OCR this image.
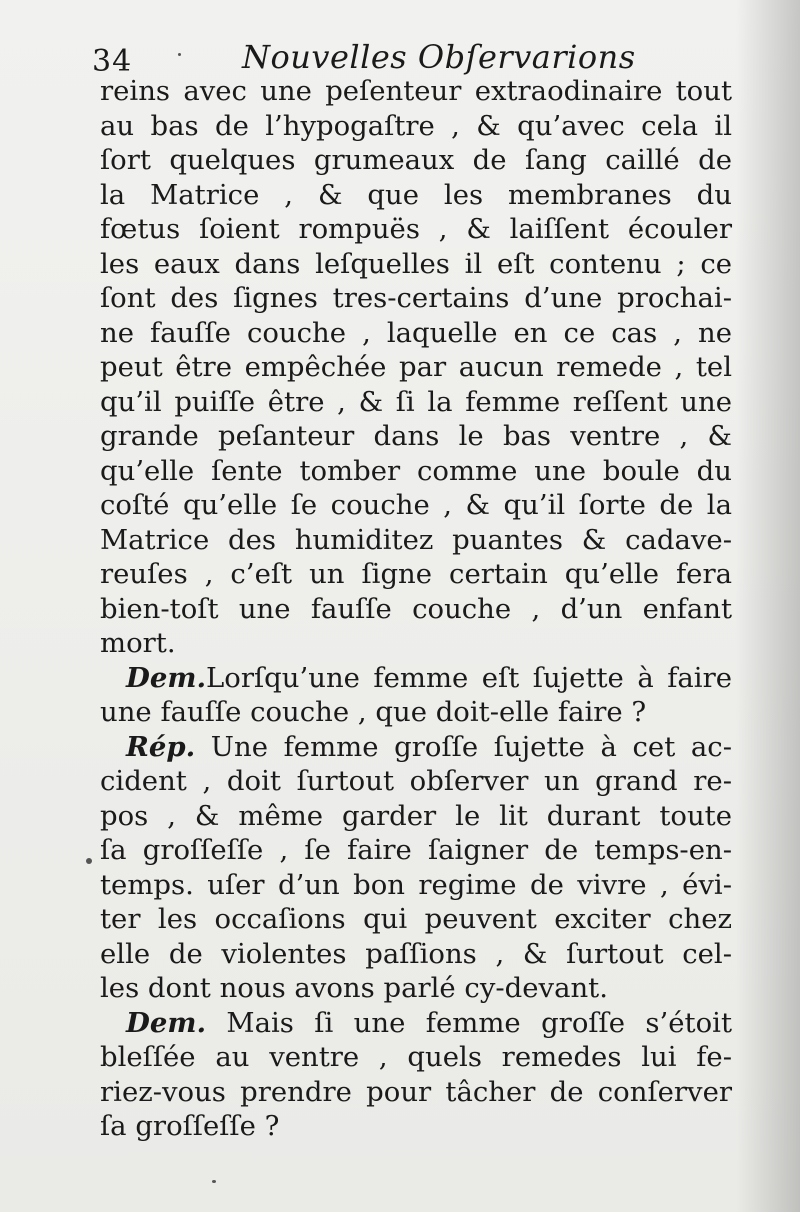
34	Nouvelles Obſervarions
reins avec une peſenteur extraodinaire tout
au bas de l’hypogaſtre , & qu’avec cela il
ſort quelques grumeaux de ſang caillé de
la Matrice , & que les membranes du
fœtus ſoient rompuës , & laiſſent écouler
les eaux dans leſquelles il eſt contenu ; ce
ſont des ſignes tres-certains d’une prochai-
ne fauſſe couche , laquelle en ce cas , ne
peut être empêchée par aucun remede , tel
qu’il puiſſe être , & ſi la femme reſſent une
grande peſanteur dans le bas ventre , &
qu’elle ſente tomber comme une boule du
coſté qu’elle ſe couche , & qu’il ſorte de la
Matrice des humiditez puantes & cadave-
reuſes , c’eſt un ſigne certain qu’elle fera
bien-toſt une fauſſe couche , d’un enfant
mort.
Dem.Lorſqu’une femme eſt ſujette à faire
une fauſſe couche , que doit-elle faire ?
Rép. Une femme groſſe ſujette à cet ac-
cident , doit ſurtout obſerver un grand re-
pos , & même garder le lit durant toute
ſa groſſeſſe , ſe faire ſaigner de temps-en-
temps. uſer d’un bon regime de vivre , évi-
ter les occaſions qui peuvent exciter chez
elle de violentes paſſions , & ſurtout cel-
les dont nous avons parlé cy-devant.
Dem. Mais ſi une femme groſſe s’étoit
bleſſée au ventre , quels remedes lui fe-
riez-vous prendre pour tâcher de conſerver
ſa groſſeſſe ?
